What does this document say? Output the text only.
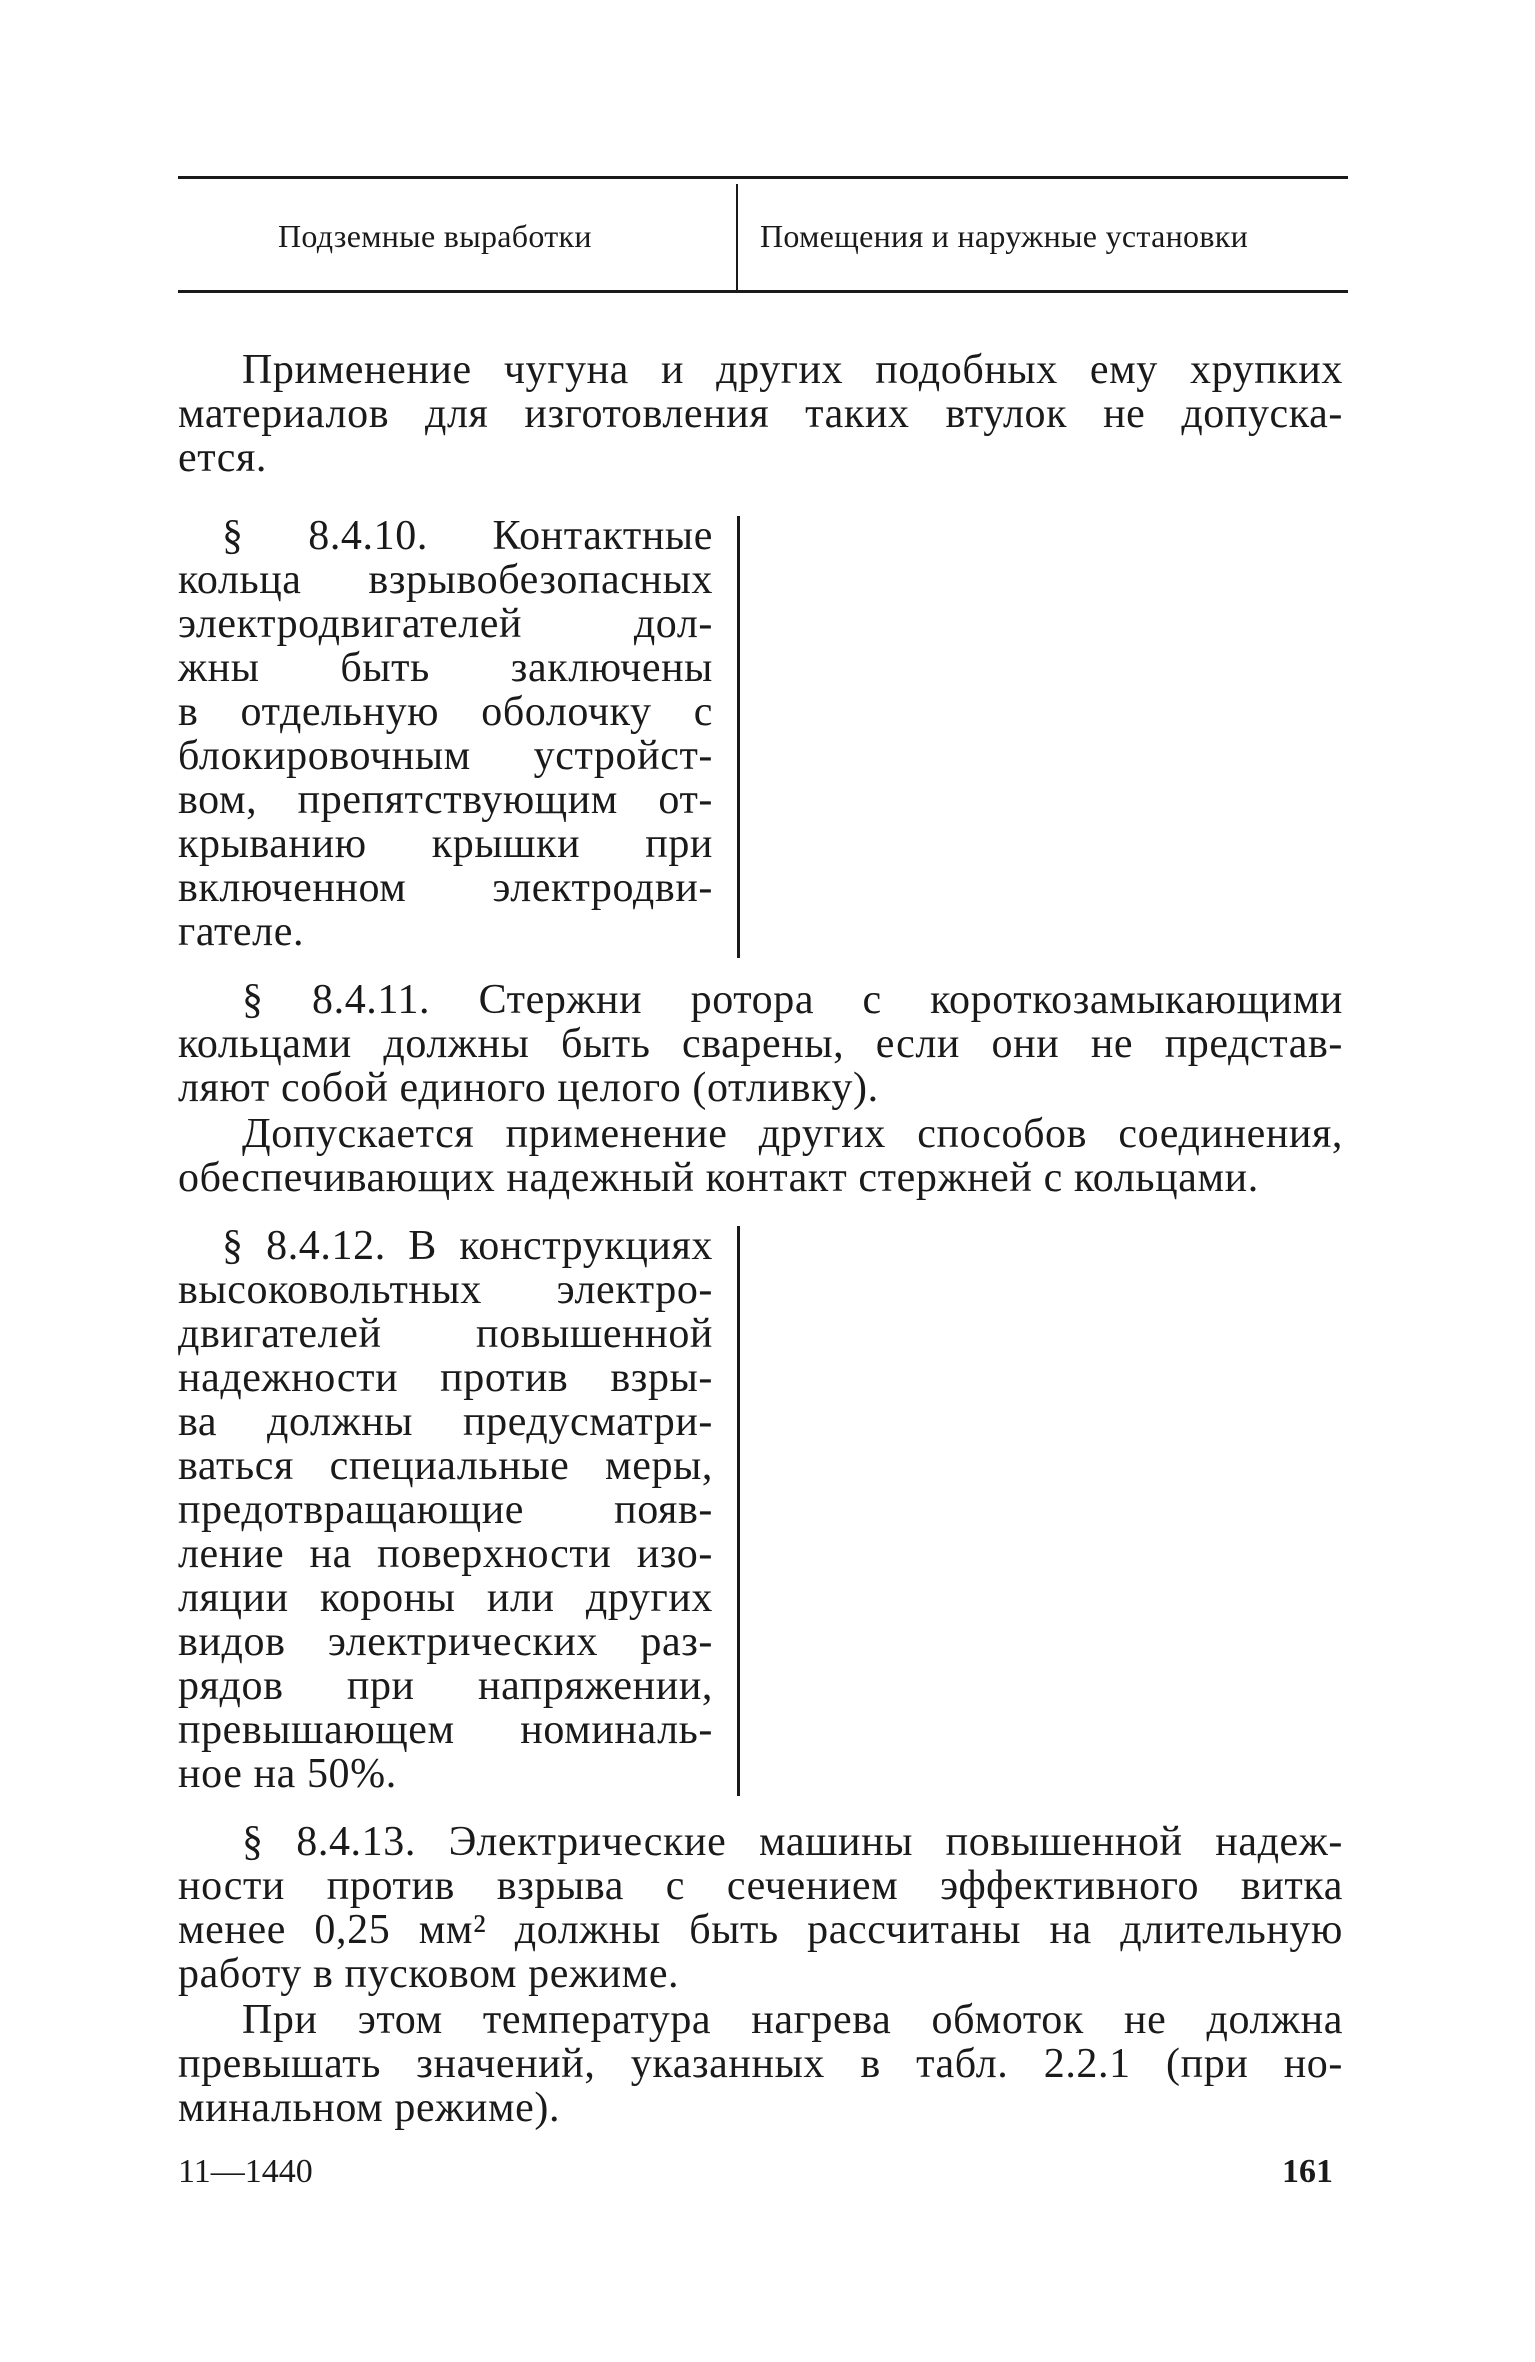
Подземные выработки	Помещения и наружные установки
Применение чугуна и других подобных ему хрупких
материалов для изготовления таких втулок не допуска-
ется.
§ 8.4.10. Контактные
кольца взрывобезопасных
электродвигателей дол-
жны быть заключены
в отдельную оболочку с
блокировочным устройст-
вом, препятствующим от-
крыванию крышки при
включенном электродви-
гателе.
§ 8.4.11. Стержни ротора с короткозамыкающими
кольцами должны быть сварены, если они не представ-
ляют собой единого целого (отливку).
Допускается применение других способов соединения,
обеспечивающих надежный контакт стержней с кольцами.
§ 8.4.12. В конструкциях
высоковольтных электро-
двигателей повышенной
надежности против взры-
ва должны предусматри-
ваться специальные меры,
предотвращающие появ-
ление на поверхности изо-
ляции короны или других
видов электрических раз-
рядов при напряжении,
превышающем номиналь-
ное на 50%.
§ 8.4.13. Электрические машины повышенной надеж-
ности против взрыва с сечением эффективного витка
менее 0,25 мм² должны быть рассчитаны на длительную
работу в пусковом режиме.
При этом температура нагрева обмоток не должна
превышать значений, указанных в табл. 2.2.1 (при но-
минальном режиме).
11—1440	161
